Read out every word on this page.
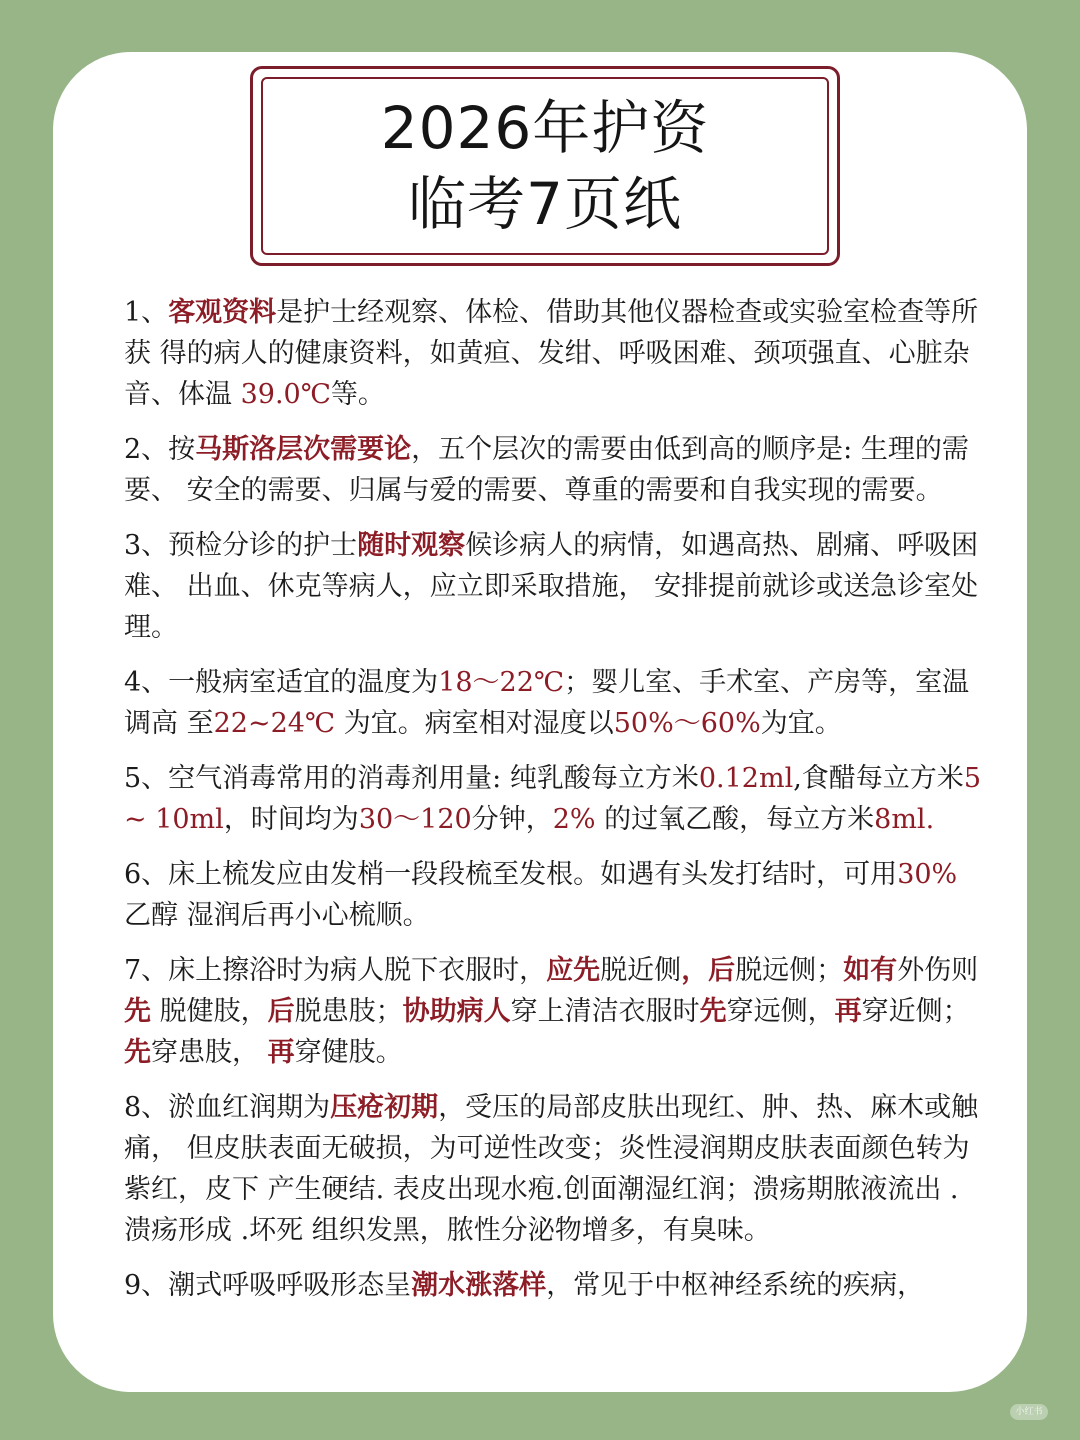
2026年护资
临考7页纸
1、客观资料是护士经观察、体检、借助其他仪器检查或实验室检查等所获 得的病人的健康资料，如黄疸、发绀、呼吸困难、颈项强直、心脏杂音、体温 39.0℃等。
2、按马斯洛层次需要论，五个层次的需要由低到高的顺序是: 生理的需要、 安全的需要、归属与爱的需要、尊重的需要和自我实现的需要。
3、预检分诊的护士随时观察候诊病人的病情，如遇高热、剧痛、呼吸困难、 出血、休克等病人，应立即采取措施， 安排提前就诊或送急诊室处理。
4、一般病室适宜的温度为18～22℃；婴儿室、手术室、产房等，室温调高 至22~24℃ 为宜。病室相对湿度以50%～60%为宜。
5、空气消毒常用的消毒剂用量: 纯乳酸每立方米0.12ml,食醋每立方米5~ 10ml，时间均为30～120分钟，2% 的过氧乙酸，每立方米8ml.
6、床上梳发应由发梢一段段梳至发根。如遇有头发打结时，可用30%乙醇 湿润后再小心梳顺。
7、床上擦浴时为病人脱下衣服时，应先脱近侧，后脱远侧；如有外伤则先 脱健肢，后脱患肢；协助病人穿上清洁衣服时先穿远侧，再穿近侧；先穿患肢， 再穿健肢。
8、淤血红润期为压疮初期，受压的局部皮肤出现红、肿、热、麻木或触痛， 但皮肤表面无破损，为可逆性改变；炎性浸润期皮肤表面颜色转为紫红，皮下 产生硬结. 表皮出现水疱.创面潮湿红润；溃疡期脓液流出 .溃疡形成 .坏死 组织发黑，脓性分泌物增多，有臭味。
9、潮式呼吸呼吸形态呈潮水涨落样，常见于中枢神经系统的疾病，
小红书
